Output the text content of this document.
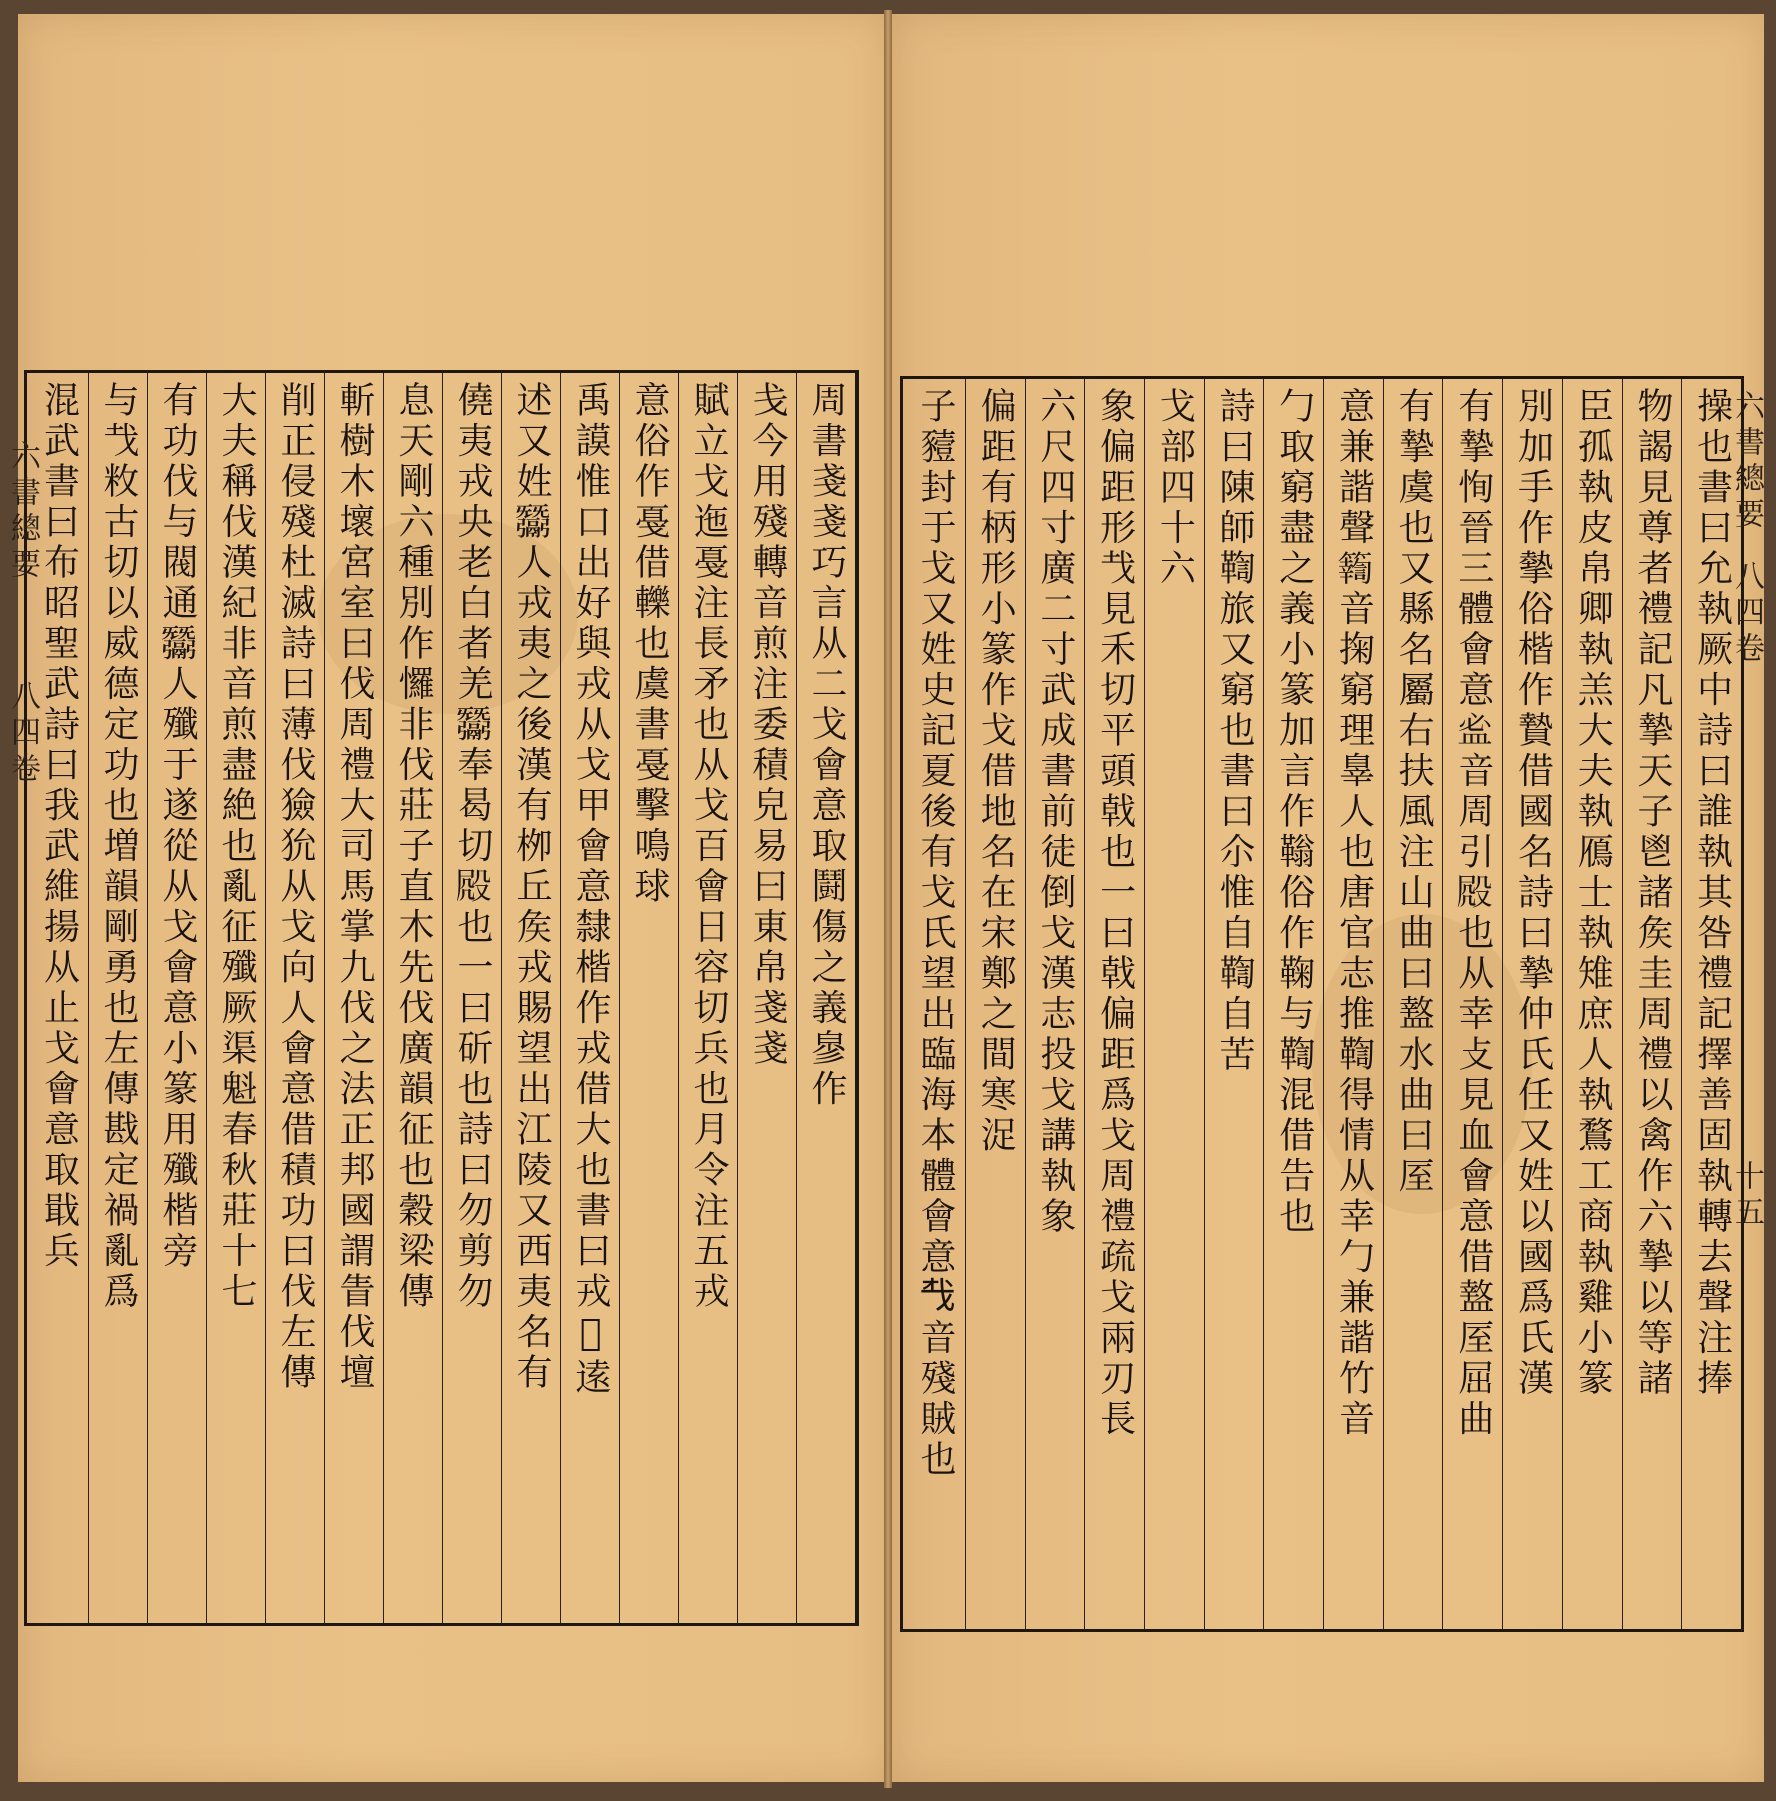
周書戔戔巧言从二戈會意取鬪傷之義㣎作
戋今用殘轉音煎注委積皃易曰東帛戔戔
賦立戈迤戞注長矛也从戈百會日容切兵也月令注五戎
意俗作戞借轢也虞書戞擊鳴球
禹謨惟口出好與戎从戈甲會意隸楷作戎借大也書曰戎𦕖逺
述又姓𢑋人戎夷之後漢有栁丘矦戎賜望出江陵又西夷名有
僥夷戎央老白者羌𢑋奉曷切𣪍也一曰斫也詩曰勿剪勿
息天剛六種別作㦬非伐莊子直木先伐廣韻征也穀梁傳
斬樹木壞宮室曰伐周禮大司馬掌九伐之法正邦國謂眚伐壇
削正侵殘杜滅詩曰薄伐獫狁从戈向人會意借積功曰伐左傳
大夫稱伐漢紀非音煎盡絶也亂征殲厥渠魁春秋莊十七
有功伐与閥通𢑋人殲于遂從从戈會意小篆用殲楷旁
与𢦏敉古切以威德定功也増韻剛勇也左傳戡定禍亂爲
混武書曰布昭聖武詩曰我武維揚从止戈會意取戢兵
六書總要
八四卷	操也書曰允執厥中詩曰誰執其咎禮記擇善固執轉去聲注捧
物謁見尊者禮記凡摯天子鬯諸矦圭周禮以禽作六摯以等諸
臣孤執皮帛卿執羔大夫執鴈士執雉庶人執鶩工商執雞小篆
別加手作摰俗楷作贄借國名詩曰摯仲氏任又姓以國爲氏漢
有摯恂晉三體會意𥁑音周引𣪍也从幸攴見血會意借盩厔屈曲
有摯虞也又縣名屬右扶風注山曲曰盩水曲曰厔
意兼諧聲𥷚音掬窮理辠人也唐官志推鞫得情从幸勹兼諧竹音
勹取窮盡之義小篆加言作䩺俗作鞠与鞫混借告也
詩曰陳師鞫旅又窮也書曰尒惟自鞫自苦
戈部四十六
象偏距形𢦏見禾切平頭戟也一曰戟偏距爲戈周禮疏戈兩刃長
六尺四寸廣二寸武成書前徒倒戈漢志投戈講執象
偏距有柄形小篆作戈借地名在宋鄭之間寒浞
子豷封于戈又姓史記夏後有戈氏望出臨海本體會意𢦔音殘賊也	六書總要
八四卷
十五
